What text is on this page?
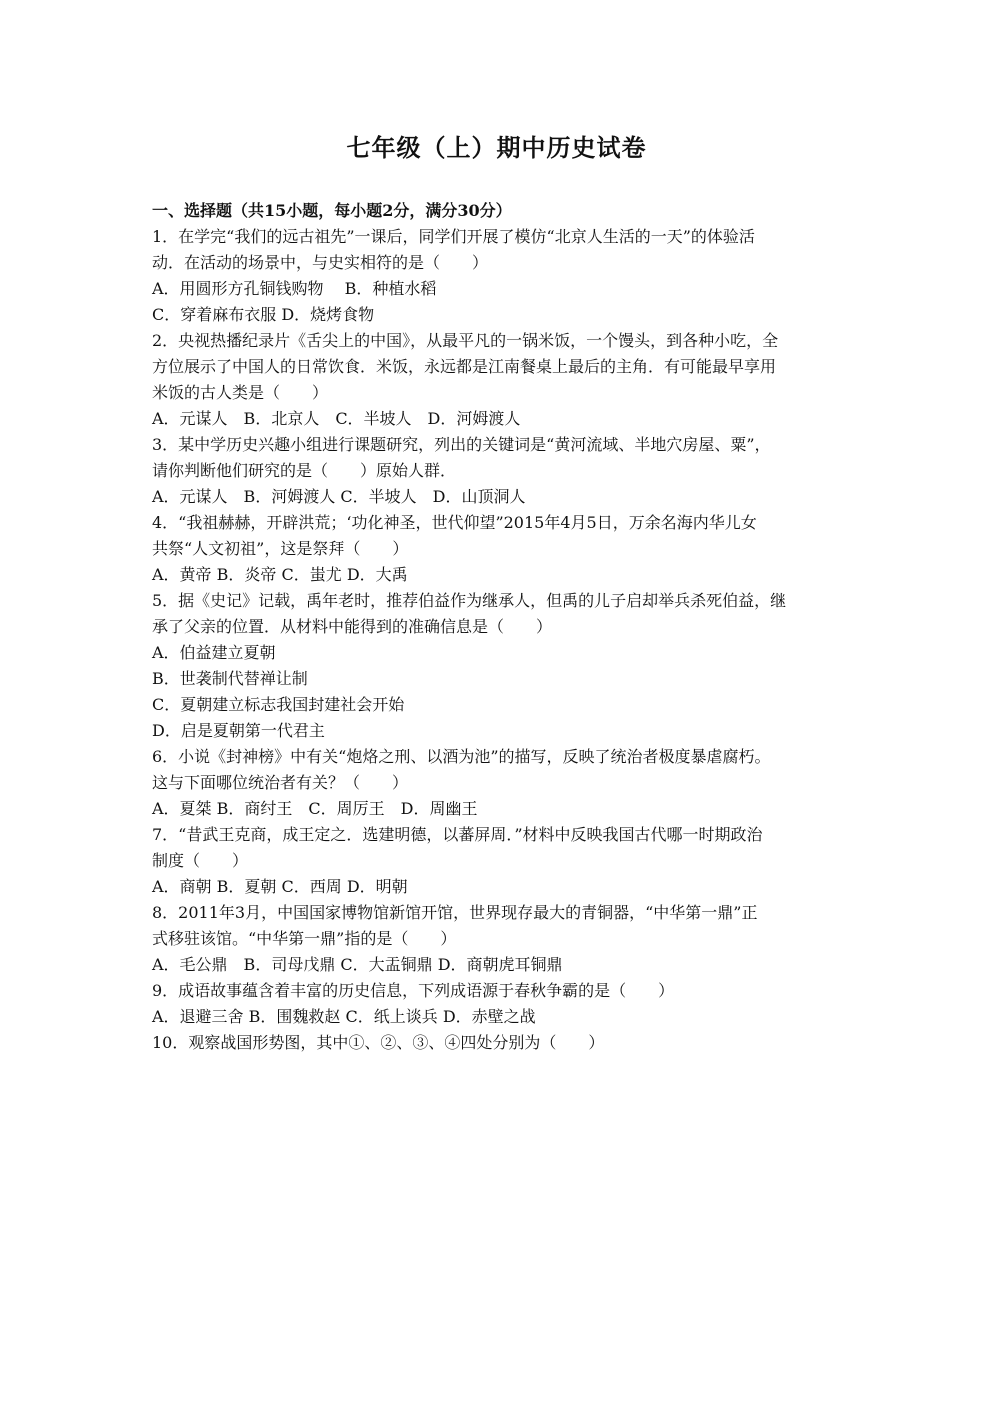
七年级（上）期中历史试卷
一、选择题（共15小题，每小题2分，满分30分）
1．在学完“我们的远古祖先”一课后，同学们开展了模仿“北京人生活的一天”的体验活
动．在活动的场景中，与史实相符的是（　　）
A．用圆形方孔铜钱购物　 B．种植水稻
C．穿着麻布衣服 D．烧烤食物
2．央视热播纪录片《舌尖上的中国》，从最平凡的一锅米饭，一个馒头，到各种小吃，全
方位展示了中国人的日常饮食．米饭，永远都是江南餐桌上最后的主角．有可能最早享用
米饭的古人类是（　　）
A．元谋人　B．北京人　C．半坡人　D．河姆渡人
3．某中学历史兴趣小组进行课题研究，列出的关键词是“黄河流域、半地穴房屋、粟”，
请你判断他们研究的是（　　）原始人群．
A．元谋人　B．河姆渡人 C．半坡人　D．山顶洞人
4．“我祖赫赫，开辟洪荒；‘功化神圣，世代仰望”2015年4月5日，万余名海内华儿女
共祭“人文初祖”，这是祭拜（　　）
A．黄帝 B．炎帝 C．蚩尤 D．大禹
5．据《史记》记载，禹年老时，推荐伯益作为继承人，但禹的儿子启却举兵杀死伯益，继
承了父亲的位置．从材料中能得到的准确信息是（　　）
A．伯益建立夏朝
B．世袭制代替禅让制
C．夏朝建立标志我国封建社会开始
D．启是夏朝第一代君主
6．小说《封神榜》中有关“炮烙之刑、以酒为池”的描写，反映了统治者极度暴虐腐朽。
这与下面哪位统治者有关？（　　）
A．夏桀 B．商纣王　C．周厉王　D．周幽王
7．“昔武王克商，成王定之．选建明德，以蕃屏周．”材料中反映我国古代哪一时期政治
制度（　　）
A．商朝 B．夏朝 C．西周 D．明朝
8．2011年3月，中国国家博物馆新馆开馆，世界现存最大的青铜器，“中华第一鼎”正
式移驻该馆。“中华第一鼎”指的是（　　）
A．毛公鼎　B．司母戊鼎 C．大盂铜鼎 D．商朝虎耳铜鼎
9．成语故事蕴含着丰富的历史信息，下列成语源于春秋争霸的是（　　）
A．退避三舍 B．围魏救赵 C．纸上谈兵 D．赤壁之战
10．观察战国形势图，其中①、②、③、④四处分别为（　　）
